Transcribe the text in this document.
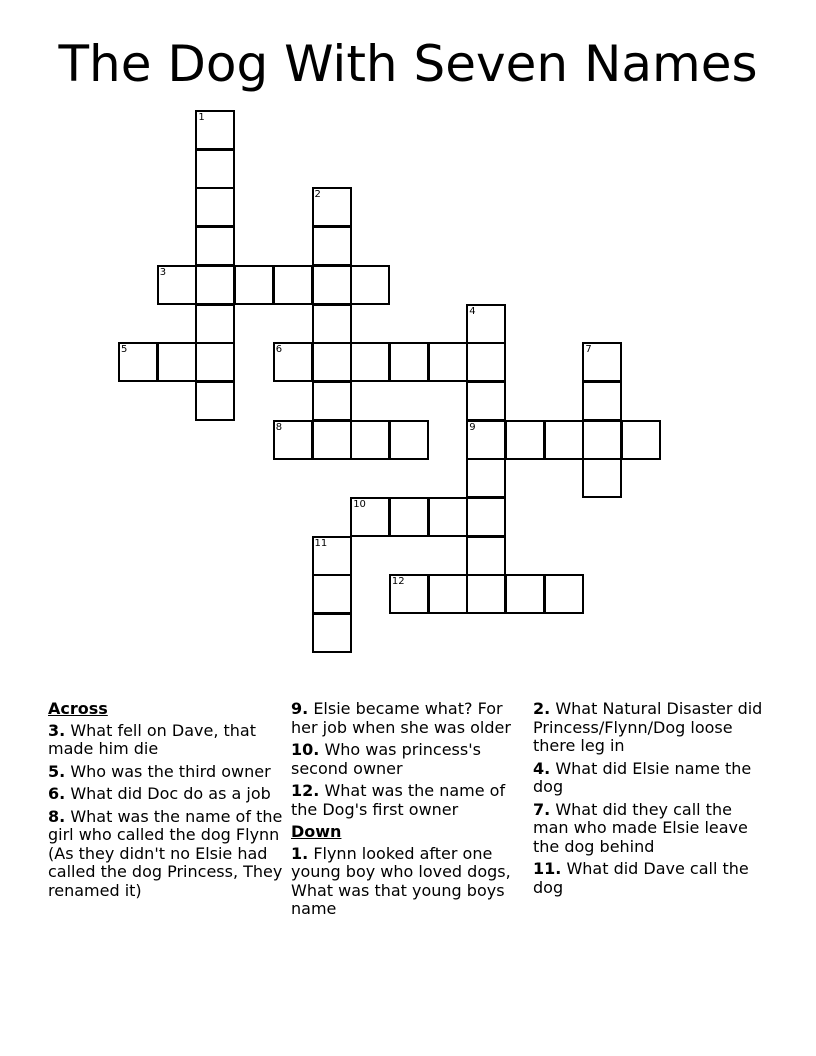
The Dog With Seven Names
1
2
3
4
5	6	7
8	9
10
11
12
Across
3. What fell on Dave, that made him die
5. Who was the third owner
6. What did Doc do as a job
8. What was the name of the girl who called the dog Flynn (As they didn't no Elsie had called the dog Princess, They renamed it)
9. Elsie became what? For her job when she was older
10. Who was princess's second owner
12. What was the name of the Dog's first owner
Down
1. Flynn looked after one young boy who loved dogs, What was that young boys name
2. What Natural Disaster did Princess/Flynn/Dog loose there leg in
4. What did Elsie name the dog
7. What did they call the man who made Elsie leave the dog behind
11. What did Dave call the dog
